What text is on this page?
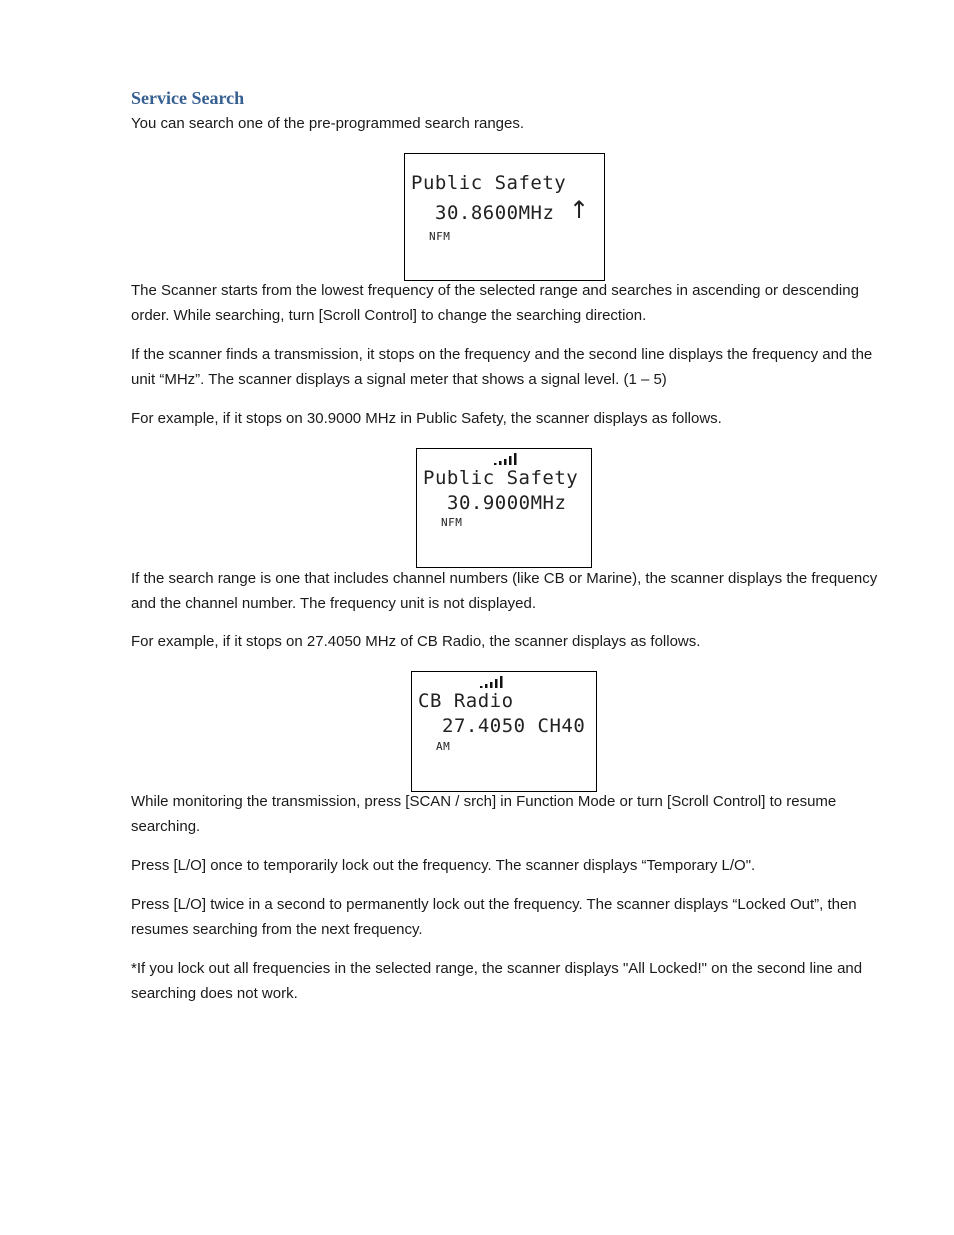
Service Search

You can search one of the pre-programmed search ranges.

Public Safety
30.8600MHz ↑
NFM

The Scanner starts from the lowest frequency of the selected range and searches in ascending or descending order. While searching, turn [Scroll Control] to change the searching direction.

If the scanner finds a transmission, it stops on the frequency and the second line displays the frequency and the unit “MHz”. The scanner displays a signal meter that shows a signal level. (1 – 5)

For example, if it stops on 30.9000 MHz in Public Safety, the scanner displays as follows.

Public Safety
30.9000MHz
NFM

If the search range is one that includes channel numbers (like CB or Marine), the scanner displays the frequency and the channel number. The frequency unit is not displayed.

For example, if it stops on 27.4050 MHz of CB Radio, the scanner displays as follows.

CB Radio
27.4050 CH40
AM

While monitoring the transmission, press [SCAN / srch] in Function Mode or turn [Scroll Control] to resume searching.

Press [L/O] once to temporarily lock out the frequency. The scanner displays “Temporary L/O".

Press [L/O] twice in a second to permanently lock out the frequency. The scanner displays “Locked Out”, then resumes searching from the next frequency.

*If you lock out all frequencies in the selected range, the scanner displays "All Locked!" on the second line and searching does not work.
